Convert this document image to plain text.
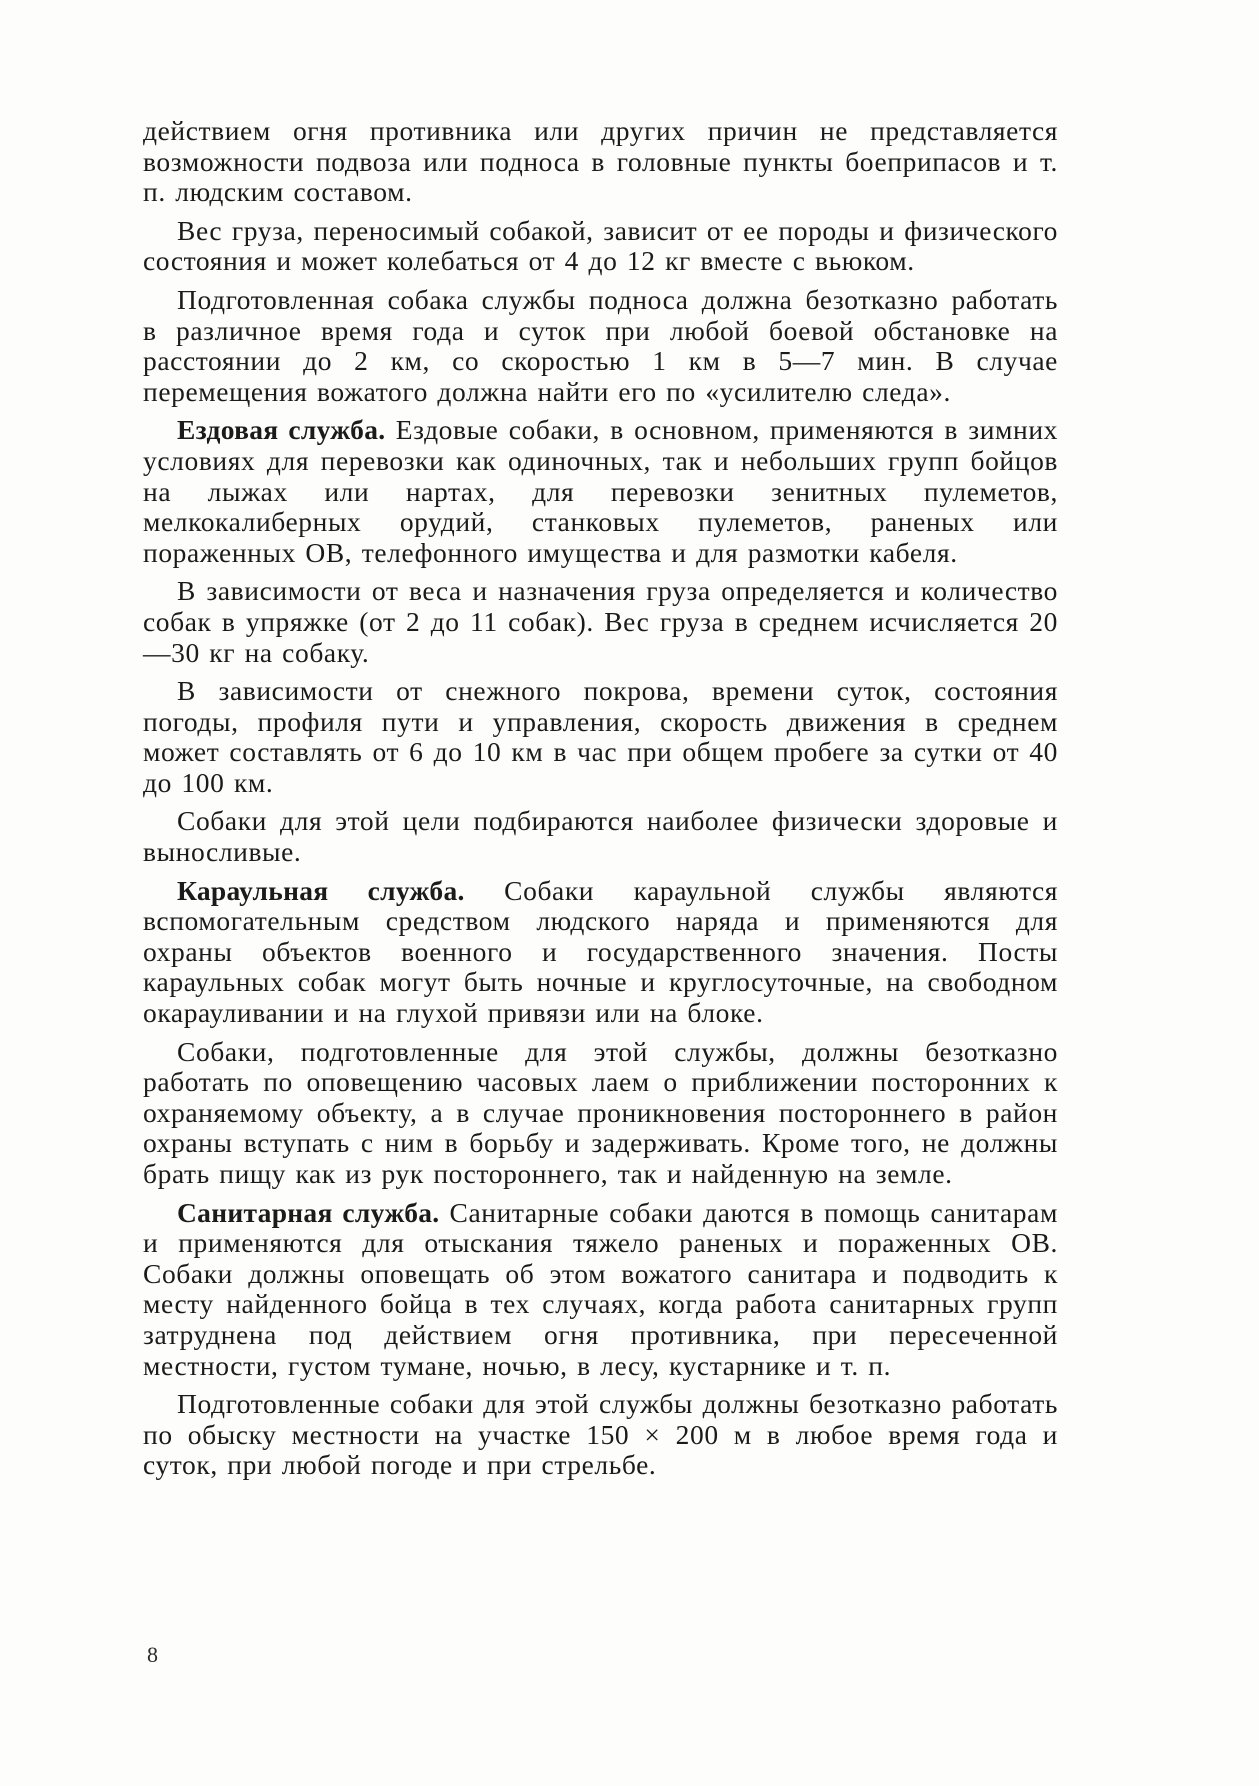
действием огня противника или других причин не представляется возможности подвоза или подноса в головные пункты боеприпасов и т. п. людским составом.

Вес груза, переносимый собакой, зависит от ее породы и физического состояния и может колебаться от 4 до 12 кг вместе с вьюком.

Подготовленная собака службы подноса должна безотказно работать в различное время года и суток при любой боевой обстановке на расстоянии до 2 км, со скоростью 1 км в 5—7 мин. В случае перемещения вожатого должна найти его по «усилителю следа».

Ездовая служба. Ездовые собаки, в основном, применяются в зимних условиях для перевозки как одиночных, так и небольших групп бойцов на лыжах или нартах, для перевозки зенитных пулеметов, мелкокалиберных орудий, станковых пулеметов, раненых или пораженных ОВ, телефонного имущества и для размотки кабеля.

В зависимости от веса и назначения груза определяется и количество собак в упряжке (от 2 до 11 собак). Вес груза в среднем исчисляется 20—30 кг на собаку.

В зависимости от снежного покрова, времени суток, состояния погоды, профиля пути и управления, скорость движения в среднем может составлять от 6 до 10 км в час при общем пробеге за сутки от 40 до 100 км.

Собаки для этой цели подбираются наиболее физически здоровые и выносливые.

Караульная служба. Собаки караульной службы являются вспомогательным средством людского наряда и применяются для охраны объектов военного и государственного значения. Посты караульных собак могут быть ночные и круглосуточные, на свободном окарауливании и на глухой привязи или на блоке.

Собаки, подготовленные для этой службы, должны безотказно работать по оповещению часовых лаем о приближении посторонних к охраняемому объекту, а в случае проникновения постороннего в район охраны вступать с ним в борьбу и задерживать. Кроме того, не должны брать пищу как из рук постороннего, так и найденную на земле.

Санитарная служба. Санитарные собаки даются в помощь санитарам и применяются для отыскания тяжело раненых и пораженных ОВ. Собаки должны оповещать об этом вожатого санитара и подводить к месту найденного бойца в тех случаях, когда работа санитарных групп затруднена под действием огня противника, при пересеченной местности, густом тумане, ночью, в лесу, кустарнике и т. п.

Подготовленные собаки для этой службы должны безотказно работать по обыску местности на участке 150 × 200 м в любое время года и суток, при любой погоде и при стрельбе.

8
